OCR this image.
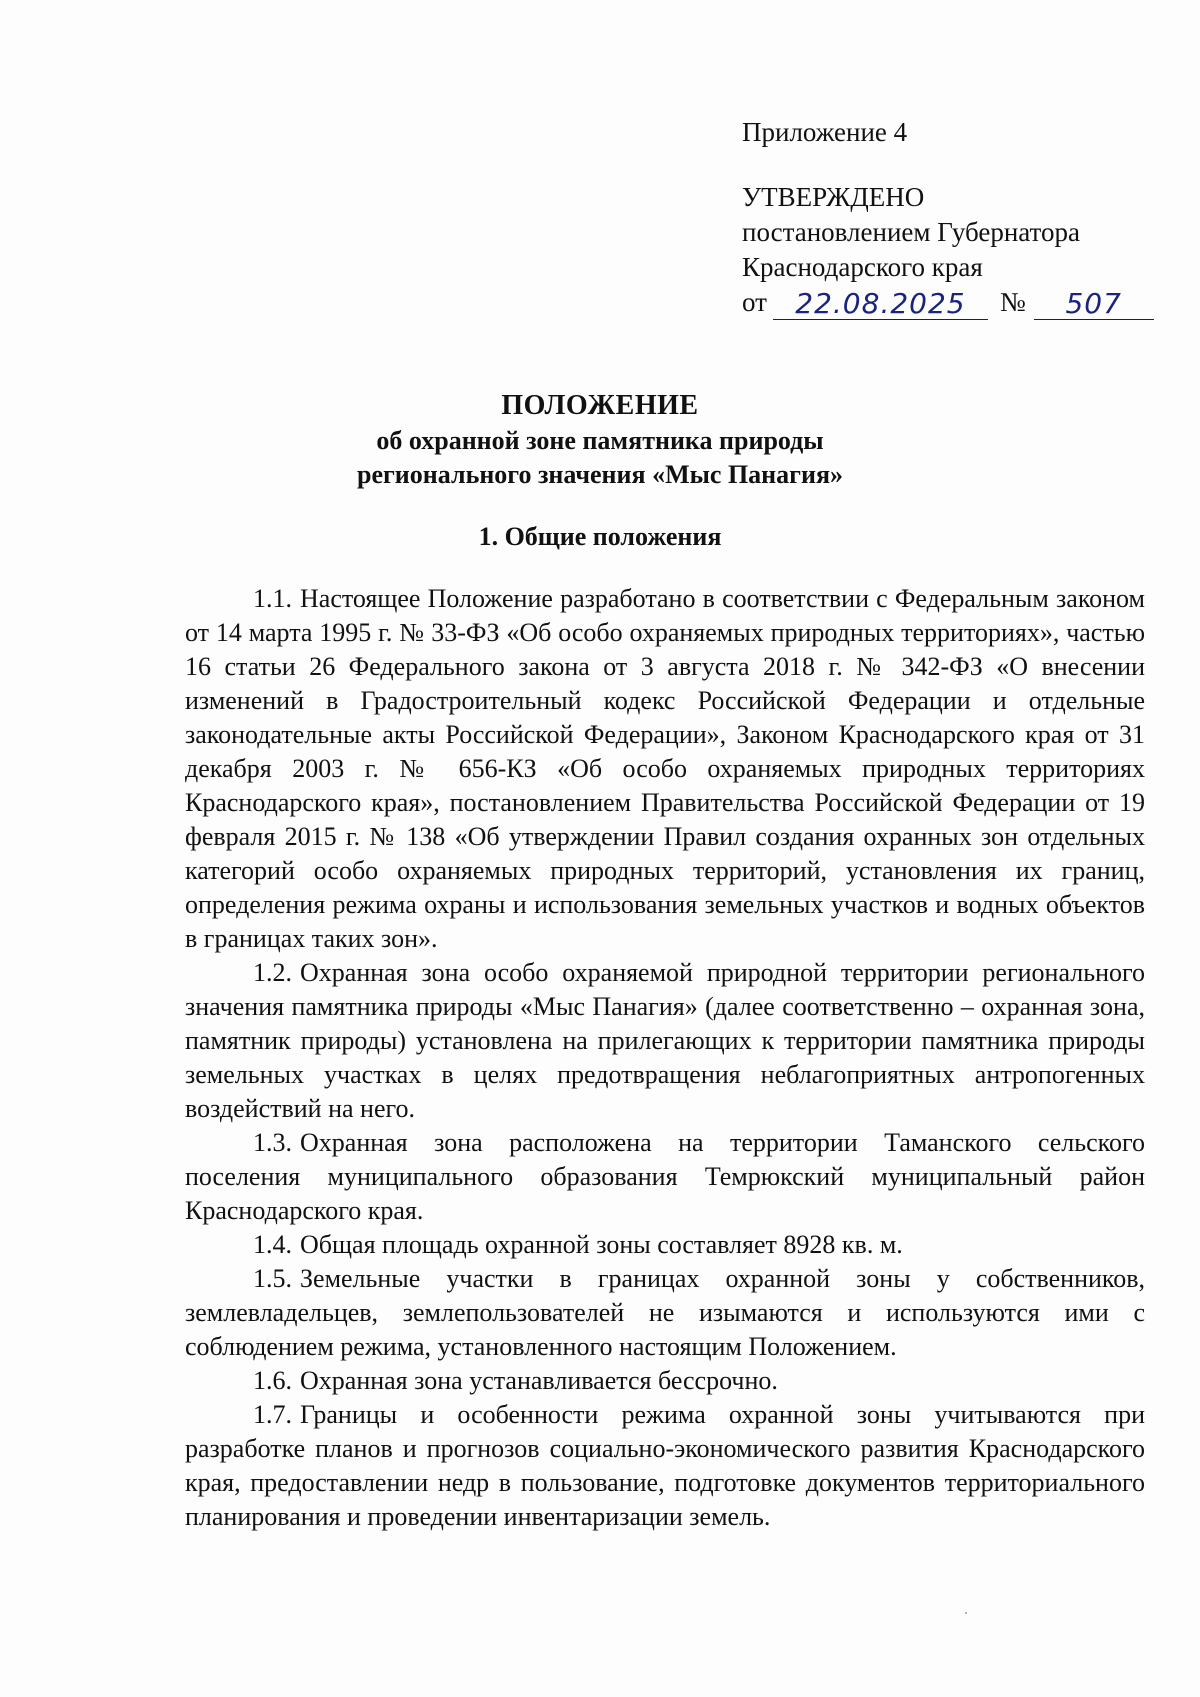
Приложение 4
УТВЕРЖДЕНО
постановлением Губернатора
Краснодарского края
от	22.08.2025	№	507
ПОЛОЖЕНИЕ
об охранной зоне памятника природы
регионального значения «Мыс Панагия»
1. Общие положения

1.1. Настоящее Положение разработано в соответствии с Федеральным законом от 14 марта 1995 г. № 33-ФЗ «Об особо охраняемых природных территориях», частью 16 статьи 26 Федерального закона от 3 августа 2018 г. № 342-ФЗ «О внесении изменений в Градостроительный кодекс Российской Федерации и отдельные законодательные акты Российской Федерации», Законом Краснодарского края от 31 декабря 2003 г. № 656-КЗ «Об особо охраняемых природных территориях Краснодарского края», постановлением Правительства Российской Федерации от 19 февраля 2015 г. № 138 «Об утверждении Правил создания охранных зон отдельных категорий особо охраняемых природных территорий, установления их границ, определения режима охраны и использования земельных участков и водных объектов в границах таких зон».

1.2. Охранная зона особо охраняемой природной территории регионального значения памятника природы «Мыс Панагия» (далее соответственно – охранная зона, памятник природы) установлена на прилегающих к территории памятника природы земельных участках в целях предотвращения неблагоприятных антропогенных воздействий на него.

1.3. Охранная зона расположена на территории Таманского сельского поселения муниципального образования Темрюкский муниципальный район Краснодарского края.

1.4. Общая площадь охранной зоны составляет 8928 кв. м.

1.5. Земельные участки в границах охранной зоны у собственников, землевладельцев, землепользователей не изымаются и используются ими с соблюдением режима, установленного настоящим Положением.

1.6. Охранная зона устанавливается бессрочно.

1.7. Границы и особенности режима охранной зоны учитываются при разработке планов и прогнозов социально-экономического развития Краснодарского края, предоставлении недр в пользование, подготовке документов территориального планирования и проведении инвентаризации земель.
